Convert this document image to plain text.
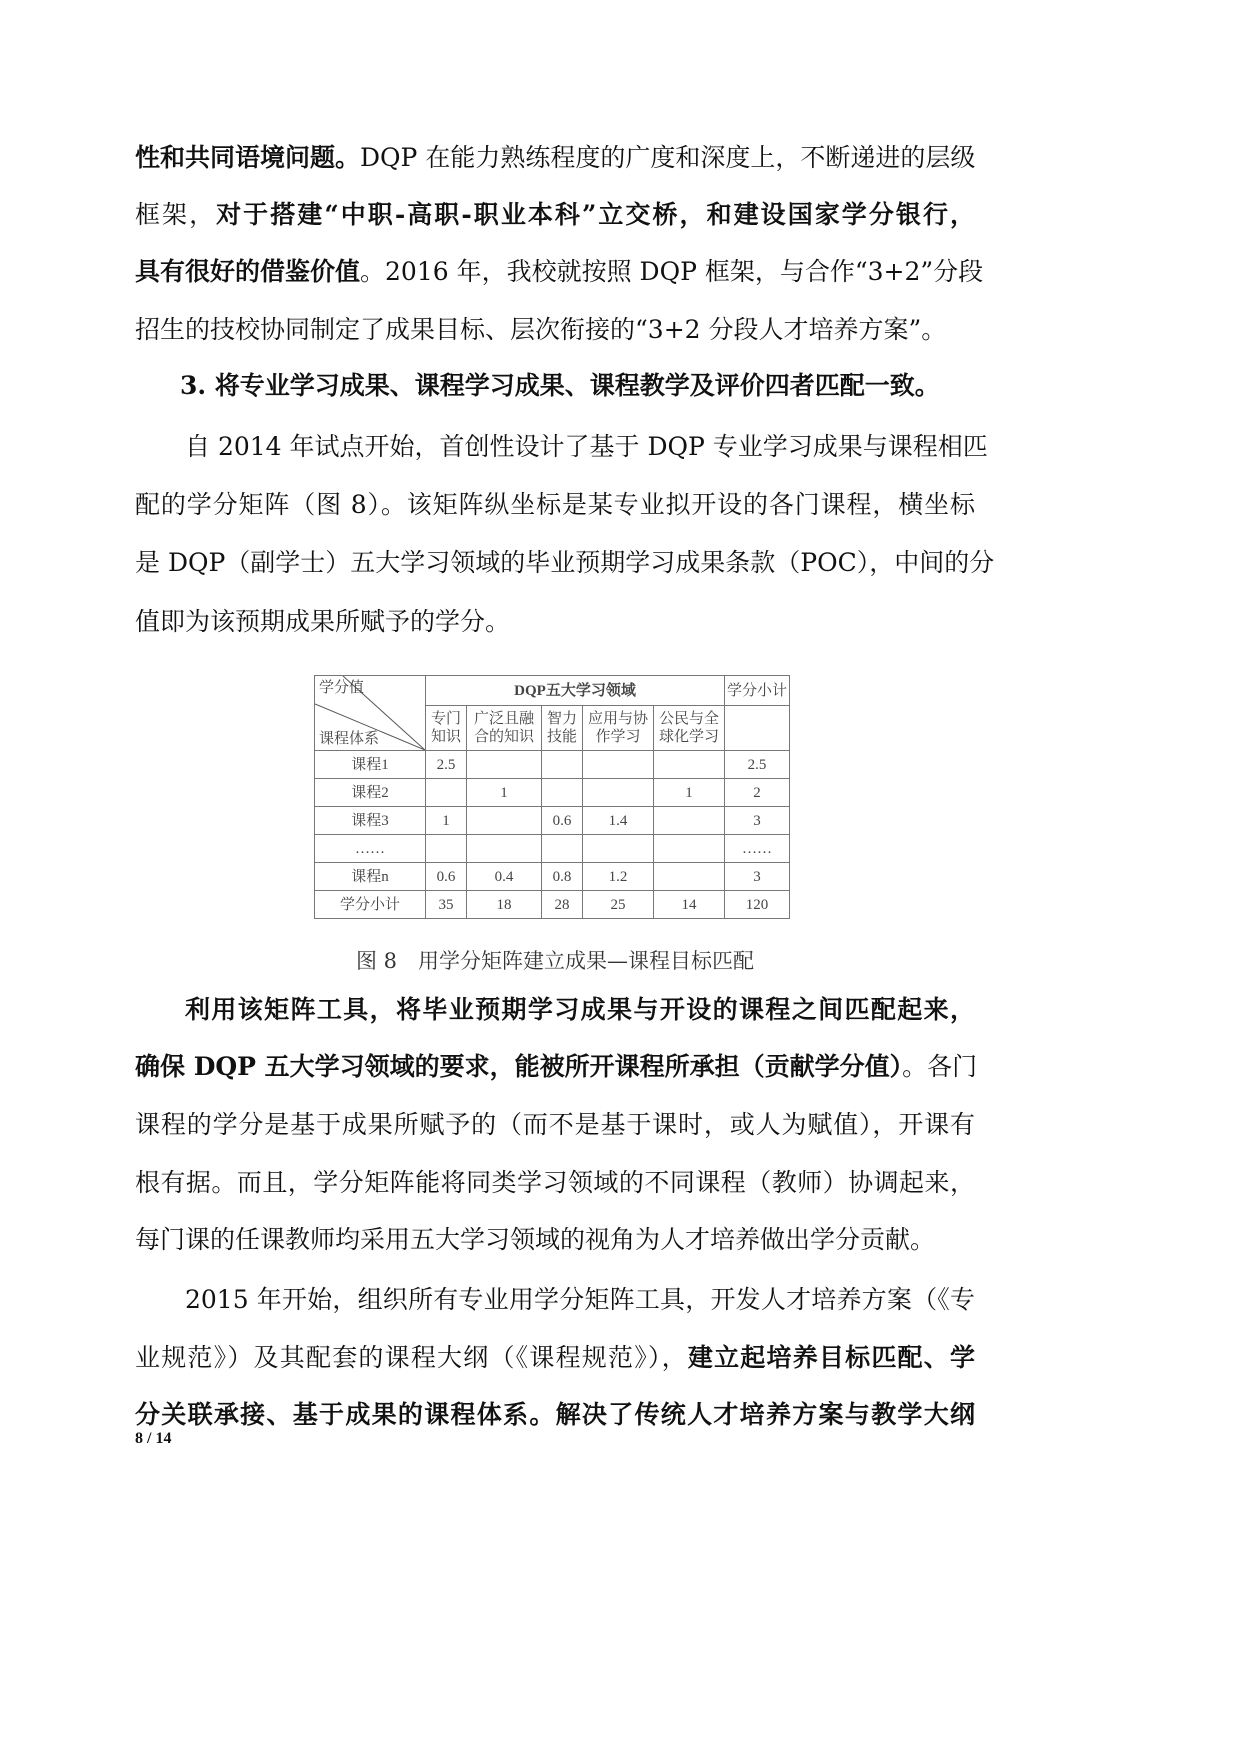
性和共同语境问题。DQP 在能力熟练程度的广度和深度上，不断递进的层级
框架，对于搭建“中职-高职-职业本科”立交桥，和建设国家学分银行，
具有很好的借鉴价值。2016 年，我校就按照 DQP 框架，与合作“3+2”分段
招生的技校协同制定了成果目标、层次衔接的“3+2 分段人才培养方案”。
3. 将专业学习成果、课程学习成果、课程教学及评价四者匹配一致。
自 2014 年试点开始，首创性设计了基于 DQP 专业学习成果与课程相匹
配的学分矩阵（图 8）。该矩阵纵坐标是某专业拟开设的各门课程，横坐标
是 DQP（副学士）五大学习领域的毕业预期学习成果条款（POC），中间的分
值即为该预期成果所赋予的学分。
利用该矩阵工具，将毕业预期学习成果与开设的课程之间匹配起来，
确保 DQP 五大学习领域的要求，能被所开课程所承担（贡献学分值）。各门
课程的学分是基于成果所赋予的（而不是基于课时，或人为赋值），开课有
根有据。而且，学分矩阵能将同类学习领域的不同课程（教师）协调起来，
每门课的任课教师均采用五大学习领域的视角为人才培养做出学分贡献。
2015 年开始，组织所有专业用学分矩阵工具，开发人才培养方案（《专
业规范》）及其配套的课程大纲（《课程规范》），建立起培养目标匹配、学
分关联承接、基于成果的课程体系。解决了传统人才培养方案与教学大纲
学分值
课程体系	DQP五大学习领域					学分小计
	专门知识	广泛且融合的知识	智力技能	应用与协作学习	公民与全球化学习	
课程1	2.5					2.5
课程2		1			1	2
课程3	1		0.6	1.4		3
……						……
课程n	0.6	0.4	0.8	1.2		3
学分小计	35	18	28	25	14	120
图 8　用学分矩阵建立成果—课程目标匹配
8 / 14
